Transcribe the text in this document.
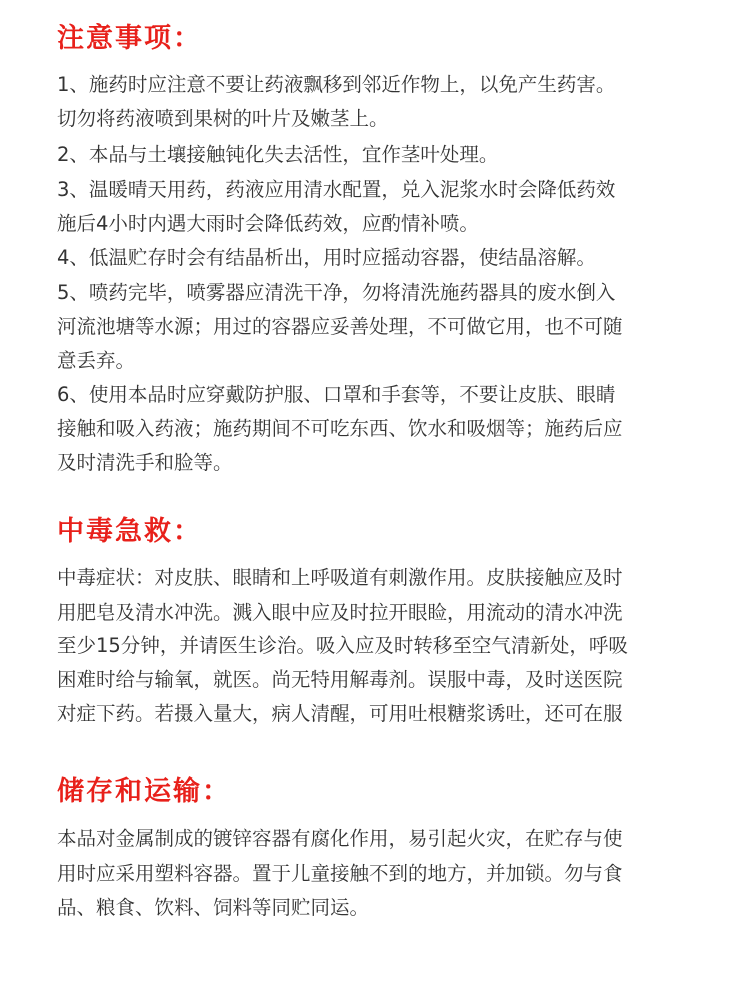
注意事项：

1、施药时应注意不要让药液飘移到邻近作物上，以免产生药害。

切勿将药液喷到果树的叶片及嫩茎上。

2、本品与土壤接触钝化失去活性，宜作茎叶处理。

3、温暖晴天用药，药液应用清水配置，兑入泥浆水时会降低药效

施后4小时内遇大雨时会降低药效，应酌情补喷。

4、低温贮存时会有结晶析出，用时应摇动容器，使结晶溶解。

5、喷药完毕，喷雾器应清洗干净，勿将清洗施药器具的废水倒入

河流池塘等水源；用过的容器应妥善处理，不可做它用，也不可随

意丢弃。

6、使用本品时应穿戴防护服、口罩和手套等，不要让皮肤、眼睛

接触和吸入药液；施药期间不可吃东西、饮水和吸烟等；施药后应

及时清洗手和脸等。

中毒急救：

中毒症状：对皮肤、眼睛和上呼吸道有刺激作用。皮肤接触应及时

用肥皂及清水冲洗。溅入眼中应及时拉开眼睑，用流动的清水冲洗

至少15分钟，并请医生诊治。吸入应及时转移至空气清新处，呼吸

困难时给与输氧，就医。尚无特用解毒剂。误服中毒，及时送医院

对症下药。若摄入量大，病人清醒，可用吐根糖浆诱吐，还可在服

储存和运输：

本品对金属制成的镀锌容器有腐化作用，易引起火灾，在贮存与使

用时应采用塑料容器。置于儿童接触不到的地方，并加锁。勿与食

品、粮食、饮料、饲料等同贮同运。
